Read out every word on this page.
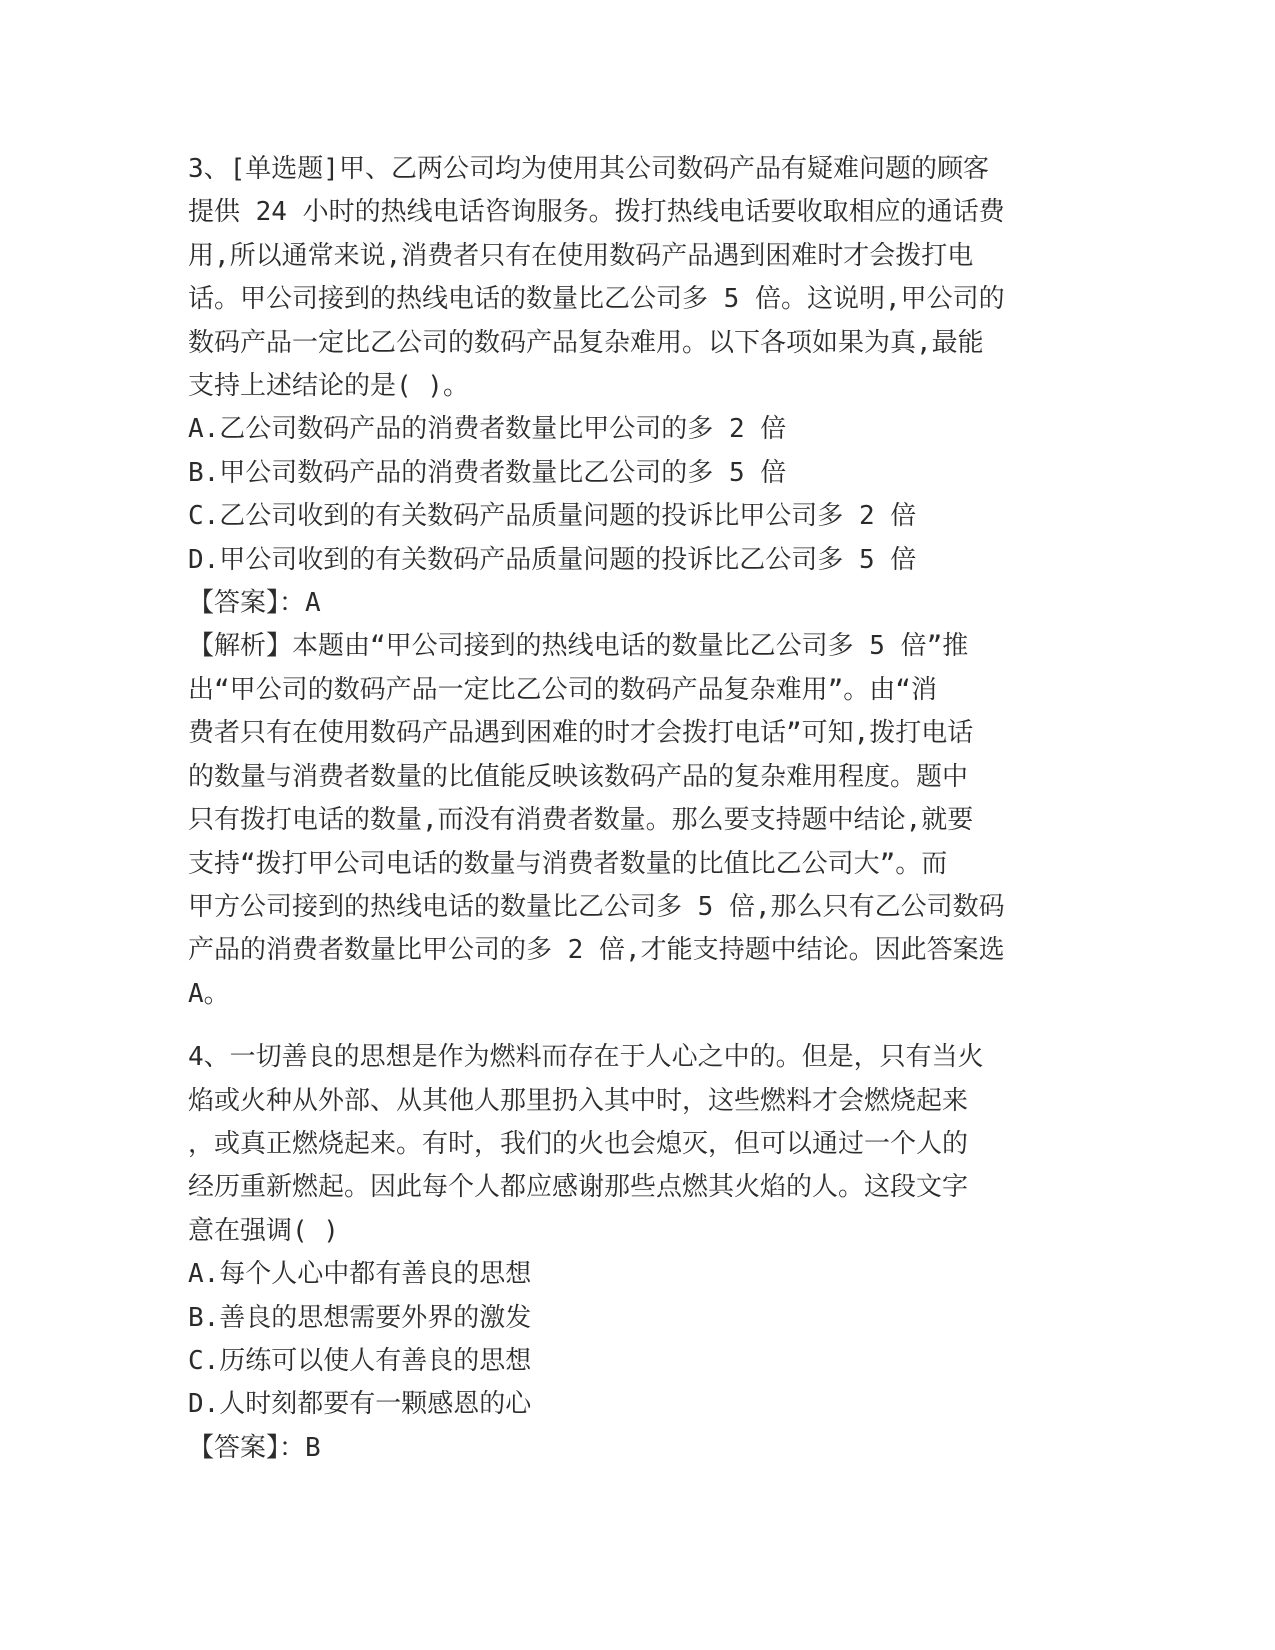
3、[单选题]甲、乙两公司均为使用其公司数码产品有疑难问题的顾客
提供 24 小时的热线电话咨询服务。拨打热线电话要收取相应的通话费
用,所以通常来说,消费者只有在使用数码产品遇到困难时才会拨打电
话。甲公司接到的热线电话的数量比乙公司多 5 倍。这说明,甲公司的
数码产品一定比乙公司的数码产品复杂难用。以下各项如果为真,最能
支持上述结论的是( )。
A.乙公司数码产品的消费者数量比甲公司的多 2 倍
B.甲公司数码产品的消费者数量比乙公司的多 5 倍
C.乙公司收到的有关数码产品质量问题的投诉比甲公司多 2 倍
D.甲公司收到的有关数码产品质量问题的投诉比乙公司多 5 倍
【答案】：A
【解析】本题由“甲公司接到的热线电话的数量比乙公司多 5 倍”推
出“甲公司的数码产品一定比乙公司的数码产品复杂难用”。由“消
费者只有在使用数码产品遇到困难的时才会拨打电话”可知,拨打电话
的数量与消费者数量的比值能反映该数码产品的复杂难用程度。题中
只有拨打电话的数量,而没有消费者数量。那么要支持题中结论,就要
支持“拨打甲公司电话的数量与消费者数量的比值比乙公司大”。而
甲方公司接到的热线电话的数量比乙公司多 5 倍,那么只有乙公司数码
产品的消费者数量比甲公司的多 2 倍,才能支持题中结论。因此答案选
A。
4、一切善良的思想是作为燃料而存在于人心之中的。但是，只有当火
焰或火种从外部、从其他人那里扔入其中时，这些燃料才会燃烧起来
，或真正燃烧起来。有时，我们的火也会熄灭，但可以通过一个人的
经历重新燃起。因此每个人都应感谢那些点燃其火焰的人。这段文字
意在强调( )
A.每个人心中都有善良的思想
B.善良的思想需要外界的激发
C.历练可以使人有善良的思想
D.人时刻都要有一颗感恩的心
【答案】：B
